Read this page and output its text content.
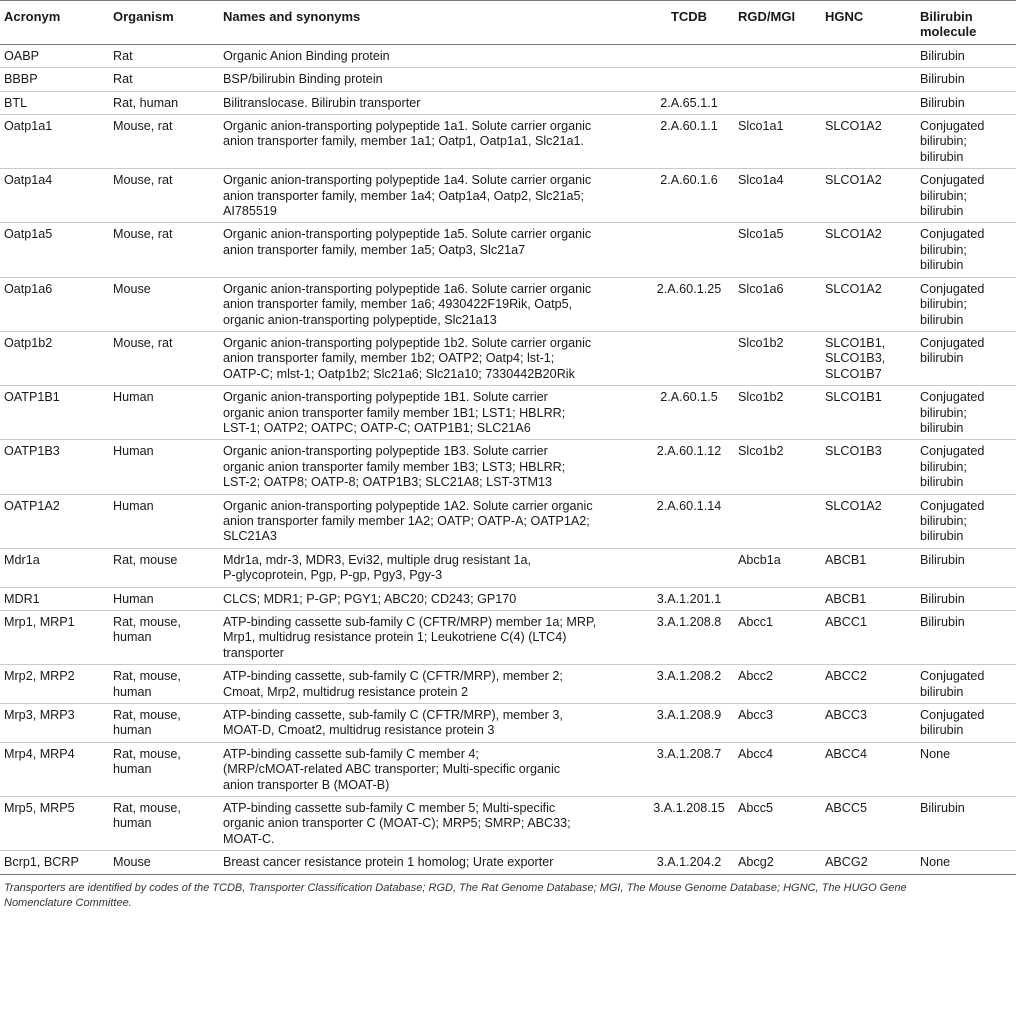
Acronym	Organism	Names and synonyms	TCDB	RGD/MGI	HGNC	Bilirubin
molecule

OABP	Rat	Organic Anion Binding protein				Bilirubin

BBBP	Rat	BSP/bilirubin Binding protein				Bilirubin

BTL	Rat, human	Bilitranslocase. Bilirubin transporter	2.A.65.1.1			Bilirubin

Oatp1a1	Mouse, rat	Organic anion-transporting polypeptide 1a1. Solute carrier organic
anion transporter family, member 1a1; Oatp1, Oatp1a1, Slc21a1.	2.A.60.1.1	Slco1a1	SLCO1A2	Conjugated
bilirubin;
bilirubin

Oatp1a4	Mouse, rat	Organic anion-transporting polypeptide 1a4. Solute carrier organic
anion transporter family, member 1a4; Oatp1a4, Oatp2, Slc21a5;
AI785519	2.A.60.1.6	Slco1a4	SLCO1A2	Conjugated
bilirubin;
bilirubin

Oatp1a5	Mouse, rat	Organic anion-transporting polypeptide 1a5. Solute carrier organic
anion transporter family, member 1a5; Oatp3, Slc21a7		Slco1a5	SLCO1A2	Conjugated
bilirubin;
bilirubin

Oatp1a6	Mouse	Organic anion-transporting polypeptide 1a6. Solute carrier organic
anion transporter family, member 1a6; 4930422F19Rik, Oatp5,
organic anion-transporting polypeptide, Slc21a13	2.A.60.1.25	Slco1a6	SLCO1A2	Conjugated
bilirubin;
bilirubin

Oatp1b2	Mouse, rat	Organic anion-transporting polypeptide 1b2. Solute carrier organic
anion transporter family, member 1b2; OATP2; Oatp4; lst-1;
OATP-C; mlst-1; Oatp1b2; Slc21a6; Slc21a10; 7330442B20Rik		Slco1b2	SLCO1B1,
SLCO1B3,
SLCO1B7	Conjugated
bilirubin

OATP1B1	Human	Organic anion-transporting polypeptide 1B1. Solute carrier
organic anion transporter family member 1B1; LST1; HBLRR;
LST-1; OATP2; OATPC; OATP-C; OATP1B1; SLC21A6	2.A.60.1.5	Slco1b2	SLCO1B1	Conjugated
bilirubin;
bilirubin

OATP1B3	Human	Organic anion-transporting polypeptide 1B3. Solute carrier
organic anion transporter family member 1B3; LST3; HBLRR;
LST-2; OATP8; OATP-8; OATP1B3; SLC21A8; LST-3TM13	2.A.60.1.12	Slco1b2	SLCO1B3	Conjugated
bilirubin;
bilirubin

OATP1A2	Human	Organic anion-transporting polypeptide 1A2. Solute carrier organic
anion transporter family member 1A2; OATP; OATP-A; OATP1A2;
SLC21A3	2.A.60.1.14		SLCO1A2	Conjugated
bilirubin;
bilirubin

Mdr1a	Rat, mouse	Mdr1a, mdr-3, MDR3, Evi32, multiple drug resistant 1a,
P-glycoprotein, Pgp, P-gp, Pgy3, Pgy-3		Abcb1a	ABCB1	Bilirubin

MDR1	Human	CLCS; MDR1; P-GP; PGY1; ABC20; CD243; GP170	3.A.1.201.1		ABCB1	Bilirubin

Mrp1, MRP1	Rat, mouse,
human	ATP-binding cassette sub-family C (CFTR/MRP) member 1a; MRP,
Mrp1, multidrug resistance protein 1; Leukotriene C(4) (LTC4)
transporter	3.A.1.208.8	Abcc1	ABCC1	Bilirubin

Mrp2, MRP2	Rat, mouse,
human	ATP-binding cassette, sub-family C (CFTR/MRP), member 2;
Cmoat, Mrp2, multidrug resistance protein 2	3.A.1.208.2	Abcc2	ABCC2	Conjugated
bilirubin

Mrp3, MRP3	Rat, mouse,
human	ATP-binding cassette, sub-family C (CFTR/MRP), member 3,
MOAT-D, Cmoat2, multidrug resistance protein 3	3.A.1.208.9	Abcc3	ABCC3	Conjugated
bilirubin

Mrp4, MRP4	Rat, mouse,
human	ATP-binding cassette sub-family C member 4;
(MRP/cMOAT-related ABC transporter; Multi-specific organic
anion transporter B (MOAT-B)	3.A.1.208.7	Abcc4	ABCC4	None

Mrp5, MRP5	Rat, mouse,
human	ATP-binding cassette sub-family C member 5; Multi-specific
organic anion transporter C (MOAT-C); MRP5; SMRP; ABC33;
MOAT-C.	3.A.1.208.15	Abcc5	ABCC5	Bilirubin

Bcrp1, BCRP	Mouse	Breast cancer resistance protein 1 homolog; Urate exporter	3.A.1.204.2	Abcg2	ABCG2	None
Transporters are identified by codes of the TCDB, Transporter Classification Database; RGD, The Rat Genome Database; MGI, The Mouse Genome Database; HGNC, The HUGO Gene
Nomenclature Committee.
